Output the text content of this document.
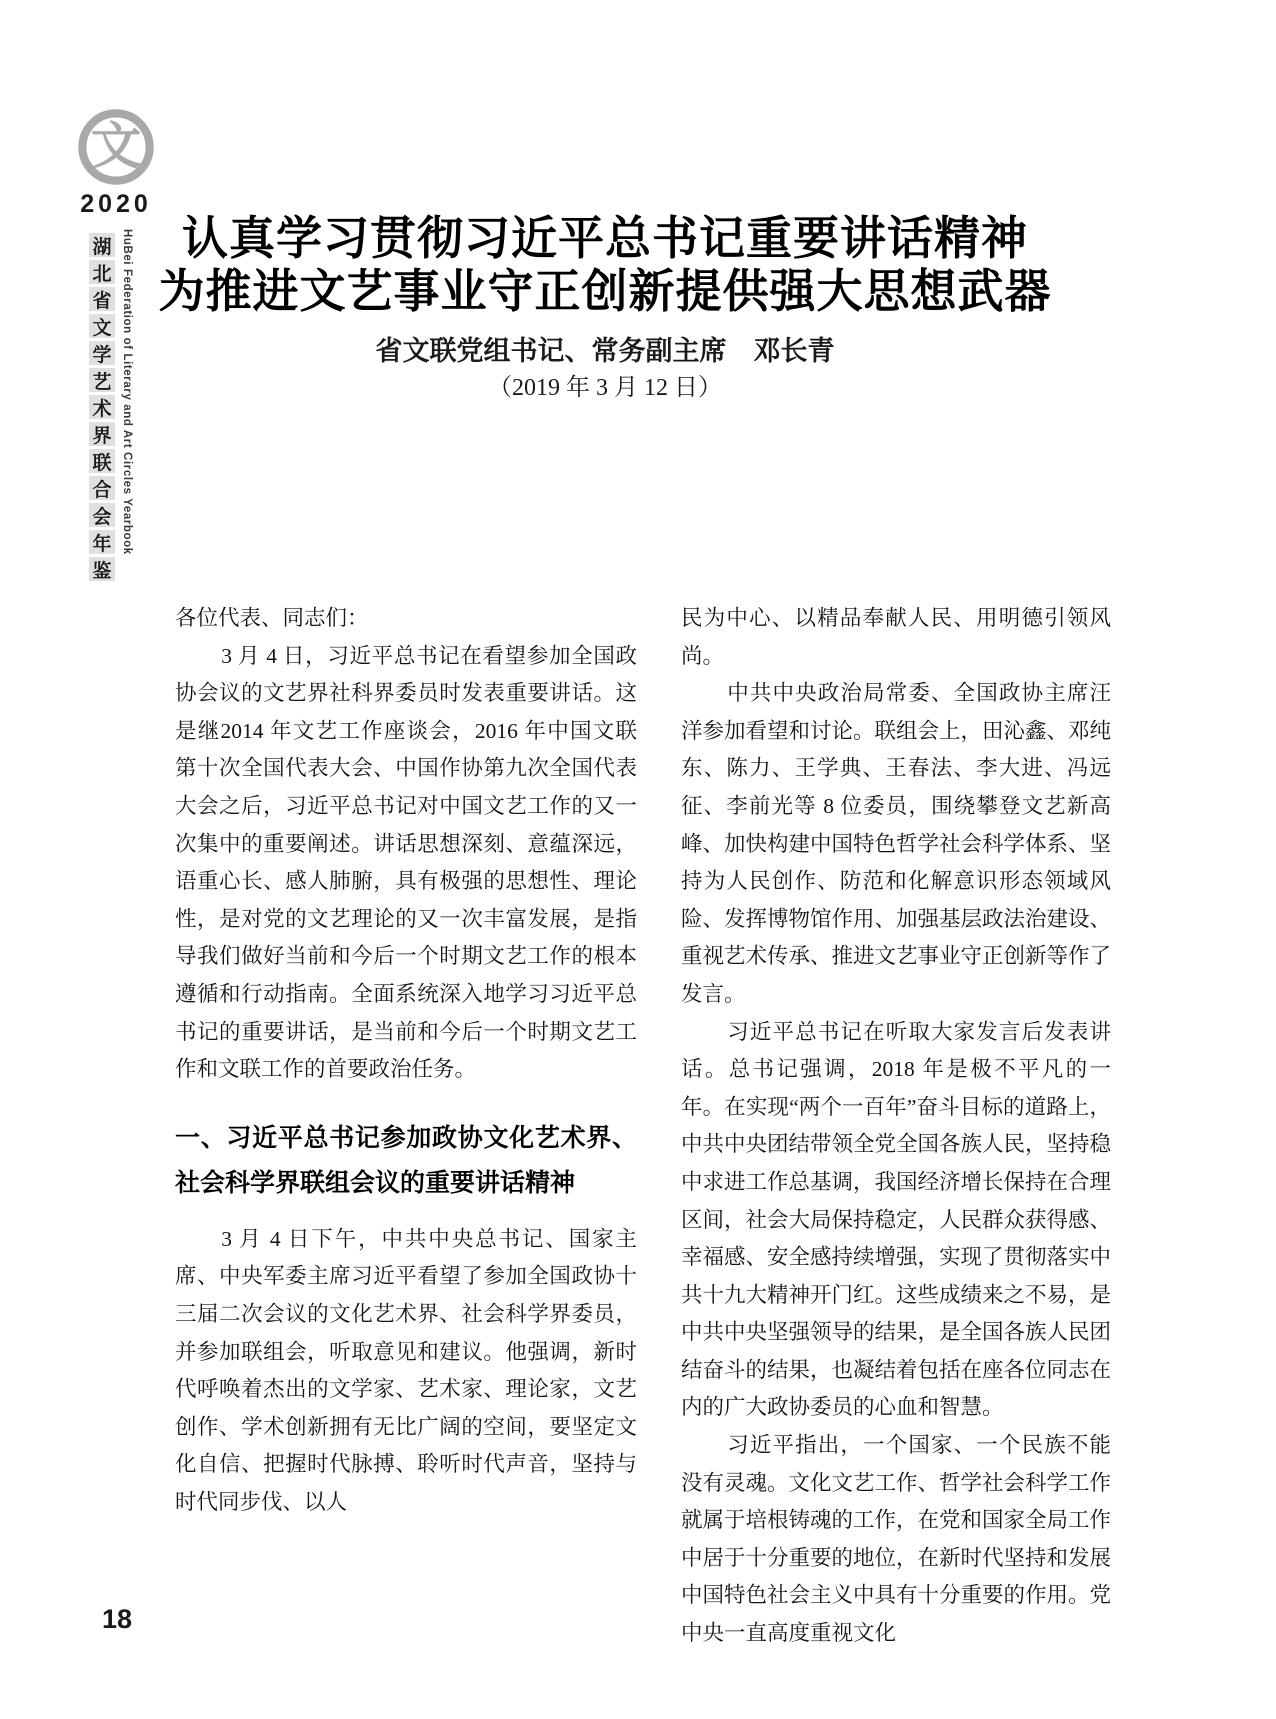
文
2020
湖
北
省
文
学
艺
术
界
联
合
会
年
鉴
HuBei Federation of Literary and Art Circles Yearbook	认真学习贯彻习近平总书记重要讲话精神
为推进文艺事业守正创新提供强大思想武器
省文联党组书记、常务副主席　邓长青
（2019 年 3 月 12 日）

各位代表、同志们：

3 月 4 日，习近平总书记在看望参加全国政协会议的文艺界社科界委员时发表重要讲话。这是继2014 年文艺工作座谈会，2016 年中国文联第十次全国代表大会、中国作协第九次全国代表大会之后，习近平总书记对中国文艺工作的又一次集中的重要阐述。讲话思想深刻、意蕴深远，语重心长、感人肺腑，具有极强的思想性、理论性，是对党的文艺理论的又一次丰富发展，是指导我们做好当前和今后一个时期文艺工作的根本遵循和行动指南。全面系统深入地学习习近平总书记的重要讲话，是当前和今后一个时期文艺工作和文联工作的首要政治任务。

一、习近平总书记参加政协文化艺术界、社会科学界联组会议的重要讲话精神

3 月 4 日下午，中共中央总书记、国家主席、中央军委主席习近平看望了参加全国政协十三届二次会议的文化艺术界、社会科学界委员，并参加联组会，听取意见和建议。他强调，新时代呼唤着杰出的文学家、艺术家、理论家，文艺创作、学术创新拥有无比广阔的空间，要坚定文化自信、把握时代脉搏、聆听时代声音，坚持与时代同步伐、以人

民为中心、以精品奉献人民、用明德引领风尚。

中共中央政治局常委、全国政协主席汪洋参加看望和讨论。联组会上，田沁鑫、邓纯东、陈力、王学典、王春法、李大进、冯远征、李前光等 8 位委员，围绕攀登文艺新高峰、加快构建中国特色哲学社会科学体系、坚持为人民创作、防范和化解意识形态领域风险、发挥博物馆作用、加强基层政法治建设、重视艺术传承、推进文艺事业守正创新等作了发言。

习近平总书记在听取大家发言后发表讲话。总书记强调，2018 年是极不平凡的一年。在实现“两个一百年”奋斗目标的道路上，中共中央团结带领全党全国各族人民，坚持稳中求进工作总基调，我国经济增长保持在合理区间，社会大局保持稳定，人民群众获得感、幸福感、安全感持续增强，实现了贯彻落实中共十九大精神开门红。这些成绩来之不易，是中共中央坚强领导的结果，是全国各族人民团结奋斗的结果，也凝结着包括在座各位同志在内的广大政协委员的心血和智慧。

习近平指出，一个国家、一个民族不能没有灵魂。文化文艺工作、哲学社会科学工作就属于培根铸魂的工作，在党和国家全局工作中居于十分重要的地位，在新时代坚持和发展中国特色社会主义中具有十分重要的作用。党中央一直高度重视文化

18
